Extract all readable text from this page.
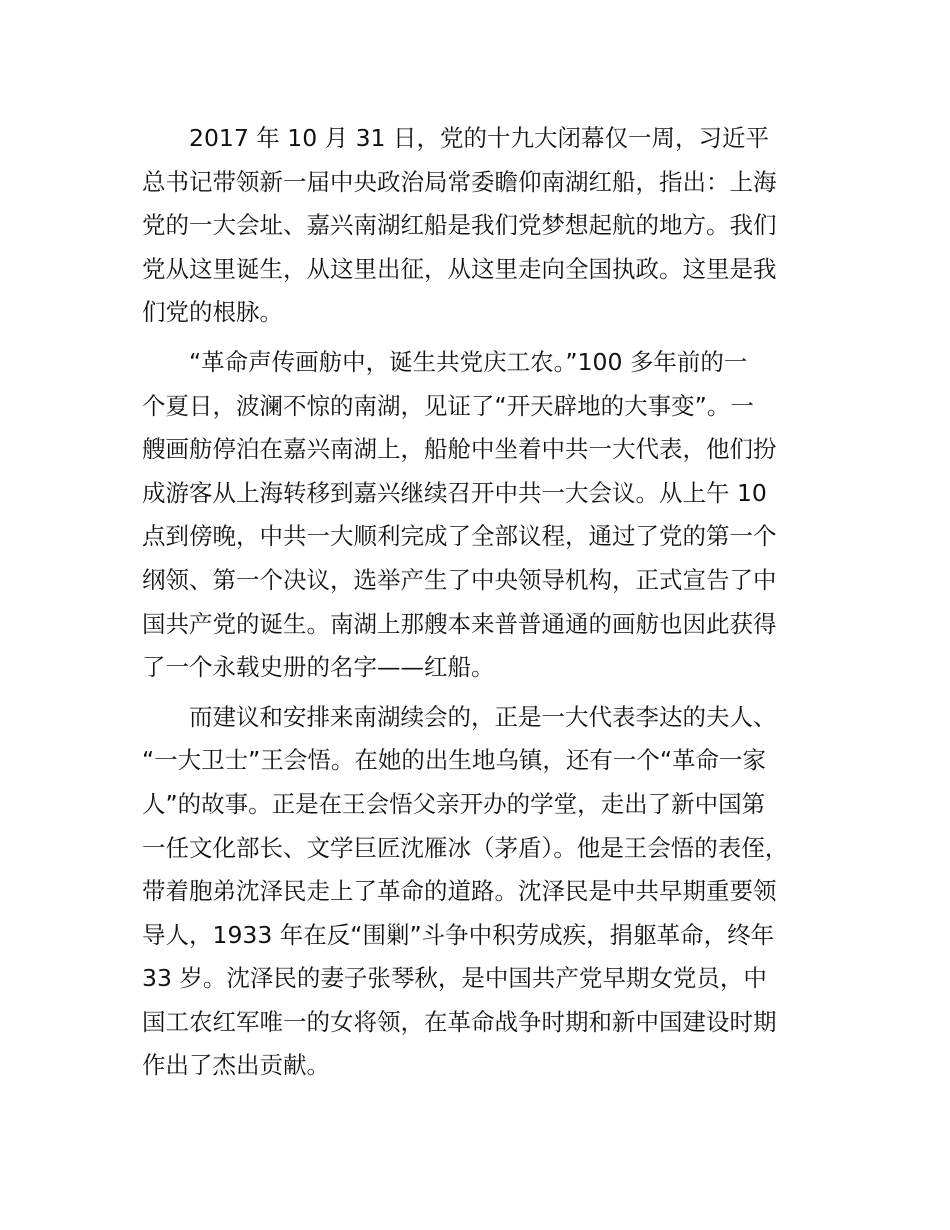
2017 年 10 月 31 日，党的十九大闭幕仅一周，习近平
总书记带领新一届中央政治局常委瞻仰南湖红船，指出：上海
党的一大会址、嘉兴南湖红船是我们党梦想起航的地方。我们
党从这里诞生，从这里出征，从这里走向全国执政。这里是我
们党的根脉。
“革命声传画舫中，诞生共党庆工农。”100 多年前的一
个夏日，波澜不惊的南湖，见证了“开天辟地的大事变”。一
艘画舫停泊在嘉兴南湖上，船舱中坐着中共一大代表，他们扮
成游客从上海转移到嘉兴继续召开中共一大会议。从上午 10
点到傍晚，中共一大顺利完成了全部议程，通过了党的第一个
纲领、第一个决议，选举产生了中央领导机构，正式宣告了中
国共产党的诞生。南湖上那艘本来普普通通的画舫也因此获得
了一个永载史册的名字——红船。
而建议和安排来南湖续会的，正是一大代表李达的夫人、
“一大卫士”王会悟。在她的出生地乌镇，还有一个“革命一家
人”的故事。正是在王会悟父亲开办的学堂，走出了新中国第
一任文化部长、文学巨匠沈雁冰（茅盾）。他是王会悟的表侄，
带着胞弟沈泽民走上了革命的道路。沈泽民是中共早期重要领
导人，1933 年在反“围剿”斗争中积劳成疾，捐躯革命，终年
33 岁。沈泽民的妻子张琴秋，是中国共产党早期女党员，中
国工农红军唯一的女将领，在革命战争时期和新中国建设时期
作出了杰出贡献。
